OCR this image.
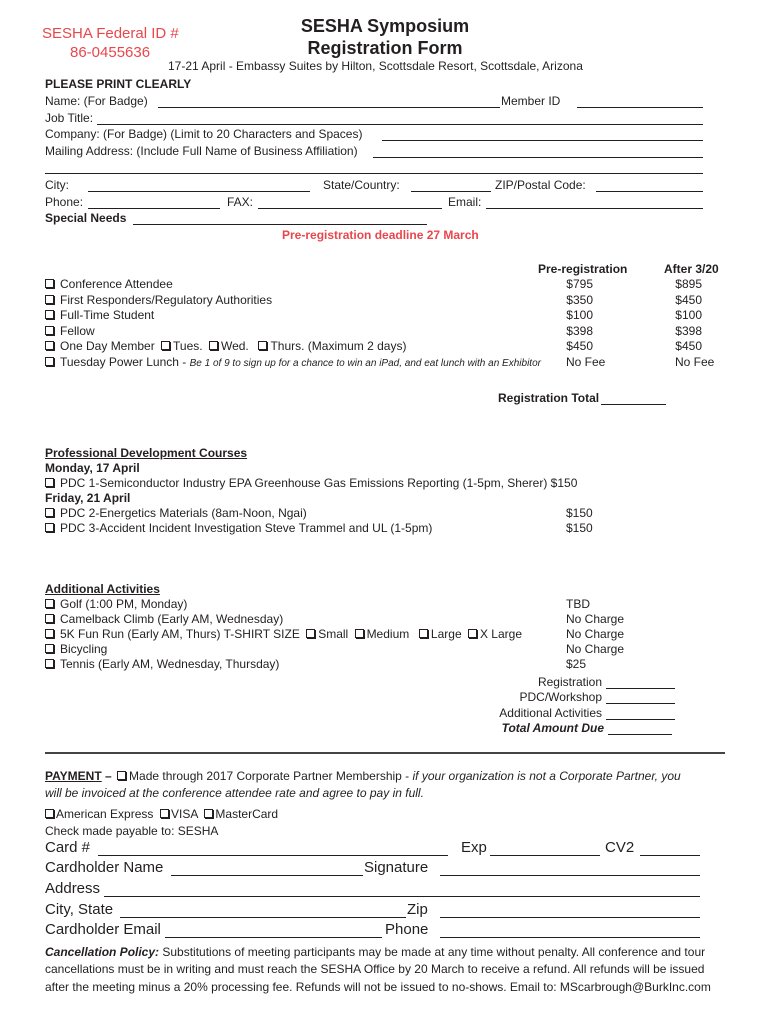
SESHA Federal ID #
86-0455636
SESHA Symposium
Registration Form
17-21 April - Embassy Suites by Hilton, Scottsdale Resort, Scottsdale, Arizona
PLEASE PRINT CLEARLY
Name: (For Badge)	Member ID
Job Title:
Company: (For Badge) (Limit to 20 Characters and Spaces)
Mailing Address: (Include Full Name of Business Affiliation)
City:	State/Country:	ZIP/Postal Code:
Phone:	FAX:	Email:
Special Needs
Pre-registration deadline 27 March
Pre-registration	After 3/20
Conference Attendee	$795	$895
First Responders/Regulatory Authorities	$350	$450
Full-Time Student	$100	$100
Fellow	$398	$398
One Day Member Tues. Wed. Thurs. (Maximum 2 days)	$450	$450
Tuesday Power Lunch - Be 1 of 9 to sign up for a chance to win an iPad, and eat lunch with an Exhibitor No Fee	No Fee
Registration Total
Professional Development Courses
Monday, 17 April
PDC 1-Semiconductor Industry EPA Greenhouse Gas Emissions Reporting (1-5pm, Sherer) $150
Friday, 21 April
PDC 2-Energetics Materials (8am-Noon, Ngai)	$150
PDC 3-Accident Incident Investigation Steve Trammel and UL (1-5pm)	$150
Additional Activities
Golf (1:00 PM, Monday)	TBD
Camelback Climb (Early AM, Wednesday)	No Charge
5K Fun Run (Early AM, Thurs) T-SHIRT SIZE Small Medium Large X Large	No Charge
Bicycling	No Charge
Tennis (Early AM, Wednesday, Thursday)	$25
Registration
PDC/Workshop
Additional Activities
Total Amount Due
PAYMENT – Made through 2017 Corporate Partner Membership - if your organization is not a Corporate Partner, you
will be invoiced at the conference attendee rate and agree to pay in full.
American Express VISA MasterCard
Check made payable to: SESHA
Card #	Exp	CV2
Cardholder Name	Signature
Address
City, State	Zip
Cardholder Email	Phone
Cancellation Policy: Substitutions of meeting participants may be made at any time without penalty. All conference and tour
cancellations must be in writing and must reach the SESHA Office by 20 March to receive a refund. All refunds will be issued
after the meeting minus a 20% processing fee. Refunds will not be issued to no-shows. Email to: MScarbrough@BurkInc.com
